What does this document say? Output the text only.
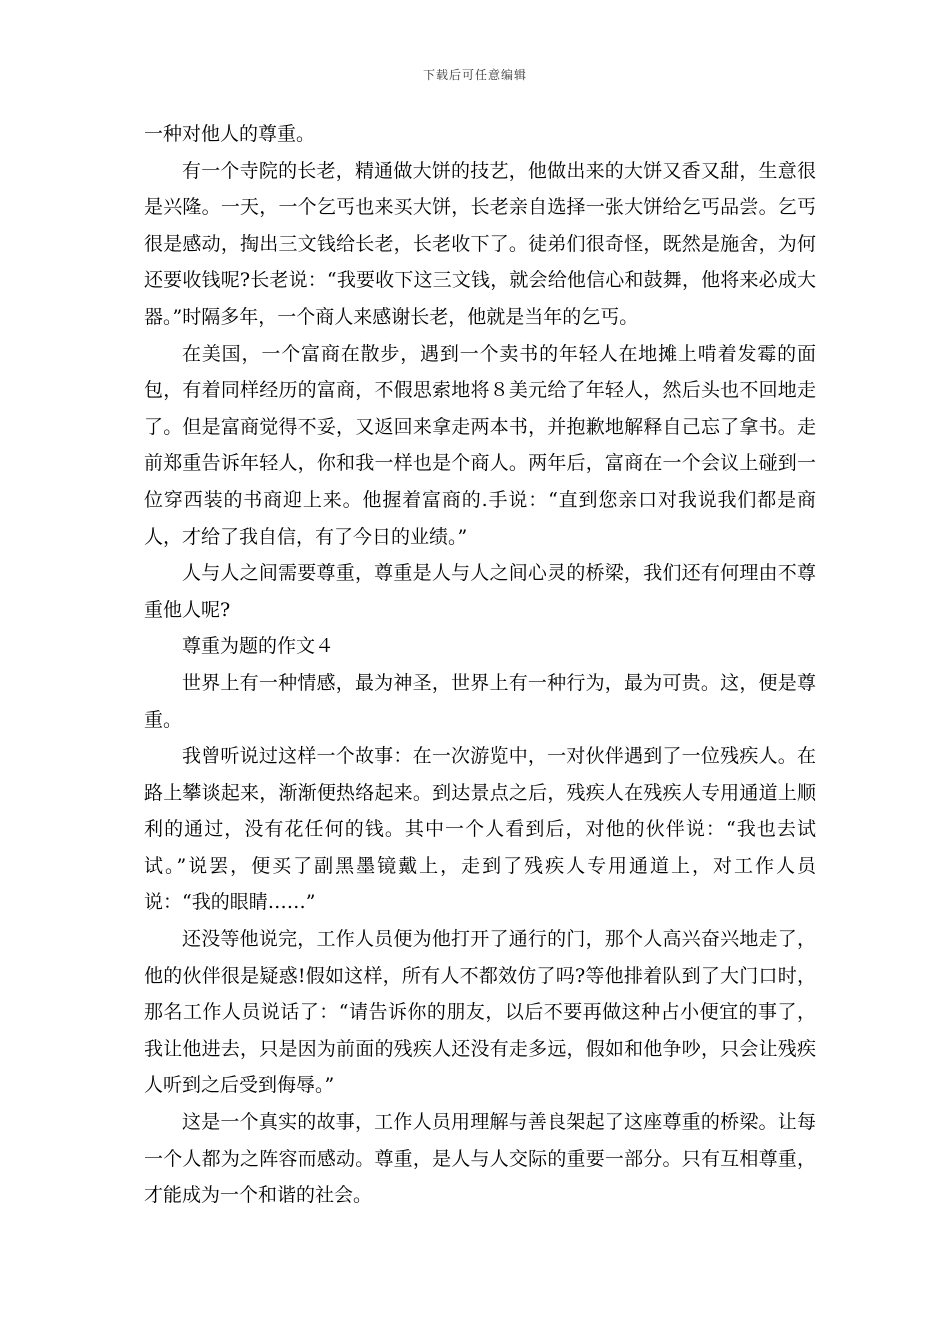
下载后可任意编辑

一种对他人的尊重。

有一个寺院的长老，精通做大饼的技艺，他做出来的大饼又香又甜，生意很是兴隆。一天，一个乞丐也来买大饼，长老亲自选择一张大饼给乞丐品尝。乞丐很是感动，掏出三文钱给长老，长老收下了。徒弟们很奇怪，既然是施舍，为何还要收钱呢?长老说：“我要收下这三文钱，就会给他信心和鼓舞，他将来必成大器。”时隔多年，一个商人来感谢长老，他就是当年的乞丐。

在美国，一个富商在散步，遇到一个卖书的年轻人在地摊上啃着发霉的面包，有着同样经历的富商，不假思索地将８美元给了年轻人，然后头也不回地走了。但是富商觉得不妥，又返回来拿走两本书，并抱歉地解释自己忘了拿书。走前郑重告诉年轻人，你和我一样也是个商人。两年后，富商在一个会议上碰到一位穿西装的书商迎上来。他握着富商的.手说：“直到您亲口对我说我们都是商人，才给了我自信，有了今日的业绩。”

人与人之间需要尊重，尊重是人与人之间心灵的桥梁，我们还有何理由不尊重他人呢?

尊重为题的作文４

世界上有一种情感，最为神圣，世界上有一种行为，最为可贵。这，便是尊重。

我曾听说过这样一个故事：在一次游览中，一对伙伴遇到了一位残疾人。在路上攀谈起来，渐渐便热络起来。到达景点之后，残疾人在残疾人专用通道上顺利的通过，没有花任何的钱。其中一个人看到后，对他的伙伴说：“我也去试试。”说罢，便买了副黑墨镜戴上，走到了残疾人专用通道上，对工作人员说：“我的眼睛……”

还没等他说完，工作人员便为他打开了通行的门，那个人高兴奋兴地走了，他的伙伴很是疑惑!假如这样，所有人不都效仿了吗?等他排着队到了大门口时，那名工作人员说话了：“请告诉你的朋友，以后不要再做这种占小便宜的事了，我让他进去，只是因为前面的残疾人还没有走多远，假如和他争吵，只会让残疾人听到之后受到侮辱。”

这是一个真实的故事，工作人员用理解与善良架起了这座尊重的桥梁。让每一个人都为之阵容而感动。尊重，是人与人交际的重要一部分。只有互相尊重，才能成为一个和谐的社会。
